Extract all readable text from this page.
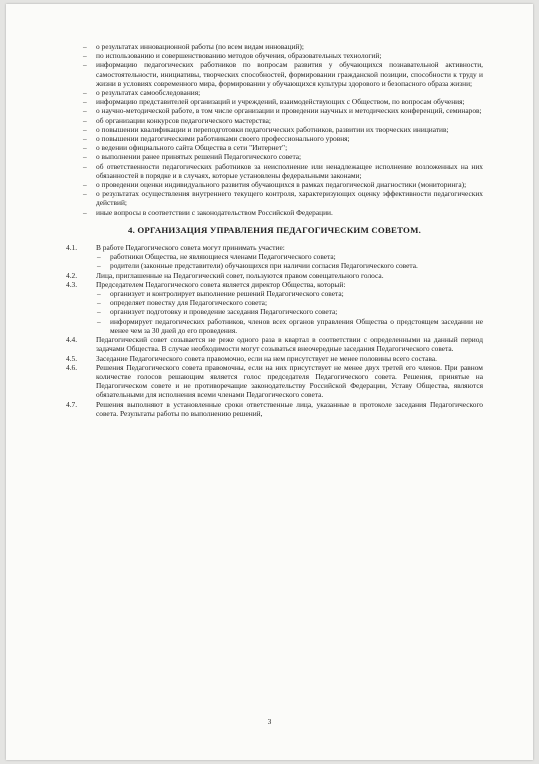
– о результатах инновационной работы (по всем видам инноваций);
– по использованию и совершенствованию методов обучения, образовательных технологий;
– информацию педагогических работников по вопросам развития у обучающихся познавательной активности, самостоятельности, инициативы, творческих способностей, формировании гражданской позиции, способности к труду и жизни в условиях современного мира, формировании у обучающихся культуры здорового и безопасного образа жизни;
– о результатах самообследования;
– информацию представителей организаций и учреждений, взаимодействующих с Обществом, по вопросам обучения;
– о научно-методической работе, в том числе организации и проведении научных и методических конференций, семинаров;
– об организации конкурсов педагогического мастерства;
– о повышении квалификации и переподготовки педагогических работников, развитии их творческих инициатив;
– о повышении педагогическими работниками своего профессионального уровня;
– о ведении официального сайта Общества в сети "Интернет";
– о выполнении ранее принятых решений Педагогического совета;
– об ответственности педагогических работников за неисполнение или ненадлежащее исполнение возложенных на них обязанностей в порядке и в случаях, которые установлены федеральными законами;
– о проведении оценки индивидуального развития обучающихся в рамках педагогической диагностики (мониторинга);
– о результатах осуществления внутреннего текущего контроля, характеризующих оценку эффективности педагогических действий;
– иные вопросы в соответствии с законодательством Российской Федерации.
4. ОРГАНИЗАЦИЯ УПРАВЛЕНИЯ ПЕДАГОГИЧЕСКИМ СОВЕТОМ.
4.1.	В работе Педагогического совета могут принимать участие:
– работники Общества, не являющиеся членами Педагогического совета;
– родители (законные представители) обучающихся при наличии согласия Педагогического совета.
4.2.	Лица, приглашенные на Педагогический совет, пользуются правом совещательного голоса.
4.3.	Председателем Педагогического совета является директор Общества, который:
– организует и контролирует выполнение решений Педагогического совета;
– определяет повестку для Педагогического совета;
– организует подготовку и проведение заседания Педагогического совета;
– информирует педагогических работников, членов всех органов управления Общества о предстоящем заседании не менее чем за 30 дней до его проведения.
4.4.	Педагогический совет созывается не реже одного раза в квартал в соответствии с определенными на данный период задачами Общества. В случае необходимости могут созываться внеочередные заседания Педагогического совета.
4.5.	Заседание Педагогического совета правомочно, если на нем присутствует не менее половины всего состава.
4.6.	Решения Педагогического совета правомочны, если на них присутствует не менее двух третей его членов. При равном количестве голосов решающим является голос председателя Педагогического совета. Решения, принятые на Педагогическом совете и не противоречащие законодательству Российской Федерации, Уставу Общества, являются обязательными для исполнения всеми членами Педагогического совета.
4.7.	Решения выполняют в установленные сроки ответственные лица, указанные в протоколе заседания Педагогического совета. Результаты работы по выполнению решений,
3
